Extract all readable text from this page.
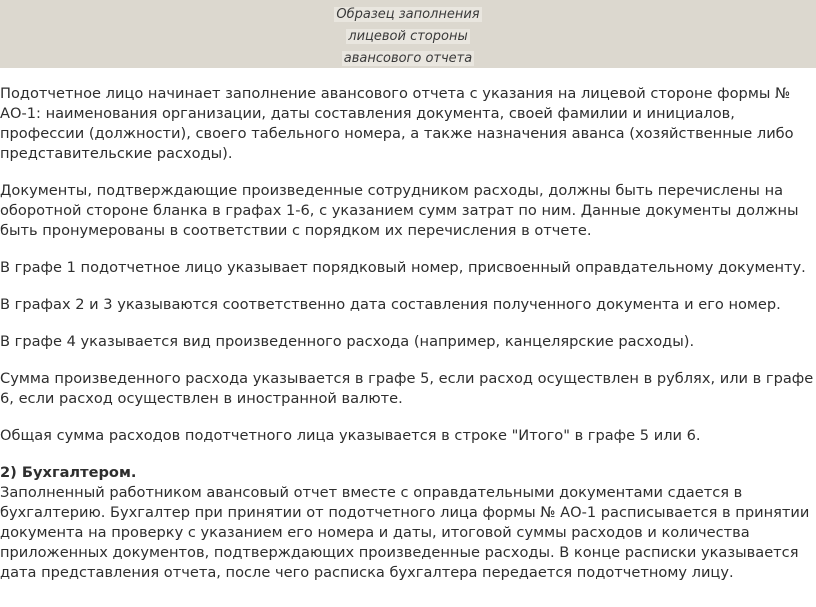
Образец заполнения
лицевой стороны
авансового отчета

Подотчетное лицо начинает заполнение авансового отчета с указания на лицевой стороне формы № АО-1: наименования организации, даты составления документа, своей фамилии и инициалов, профессии (должности), своего табельного номера, а также назначения аванса (хозяйственные либо представительские расходы).

Документы, подтверждающие произведенные сотрудником расходы, должны быть перечислены на оборотной стороне бланка в графах 1-6, с указанием сумм затрат по ним. Данные документы должны быть пронумерованы в соответствии с порядком их перечисления в отчете.

В графе 1 подотчетное лицо указывает порядковый номер, присвоенный оправдательному документу.

В графах 2 и 3 указываются соответственно дата составления полученного документа и его номер.

В графе 4 указывается вид произведенного расхода (например, канцелярские расходы).

Сумма произведенного расхода указывается в графе 5, если расход осуществлен в рублях, или в графе 6, если расход осуществлен в иностранной валюте.

Общая сумма расходов подотчетного лица указывается в строке "Итого" в графе 5 или 6.

2) Бухгалтером.
Заполненный работником авансовый отчет вместе с оправдательными документами сдается в бухгалтерию. Бухгалтер при принятии от подотчетного лица формы № АО-1 расписывается в принятии документа на проверку с указанием его номера и даты, итоговой суммы расходов и количества приложенных документов, подтверждающих произведенные расходы. В конце расписки указывается дата представления отчета, после чего расписка бухгалтера передается подотчетному лицу.
